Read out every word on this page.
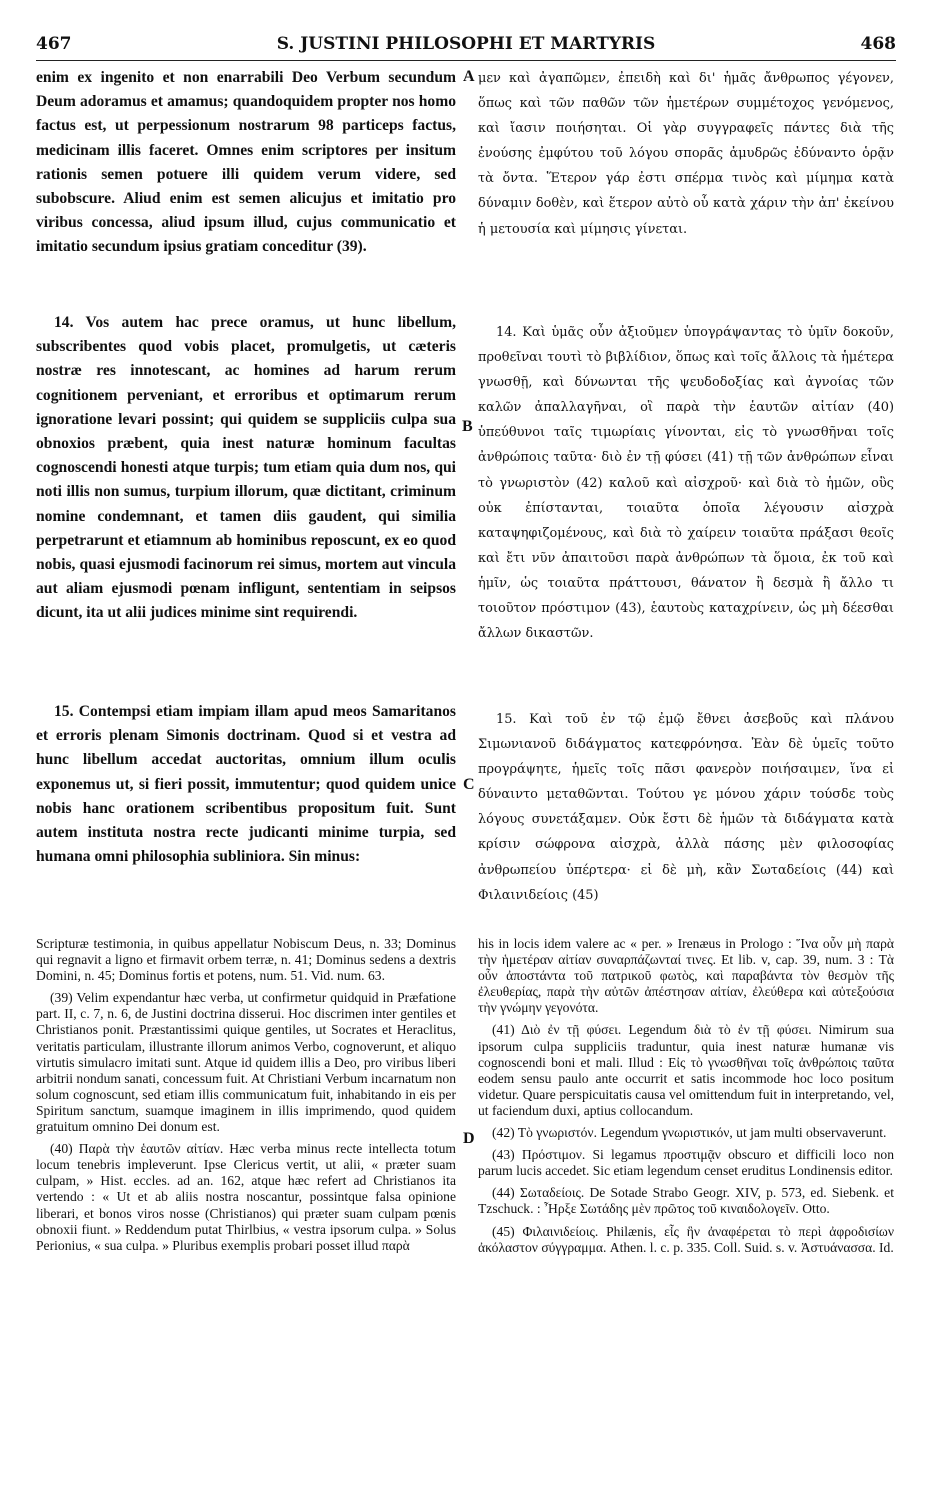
467	S. JUSTINI PHILOSOPHI ET MARTYRIS	468
A
B
C
D

enim ex ingenito et non enarrabili Deo Verbum secundum Deum adoramus et amamus; quandoquidem propter nos homo factus est, ut perpessionum nostrarum 98 particeps factus, medicinam illis faceret. Omnes enim scriptores per insitum rationis semen potuere illi quidem verum videre, sed subobscure. Aliud enim est semen alicujus et imitatio pro viribus concessa, aliud ipsum illud, cujus communicatio et imitatio secundum ipsius gratiam conceditur (39).

14. Vos autem hac prece oramus, ut hunc libellum, subscribentes quod vobis placet, promulgetis, ut cæteris nostræ res innotescant, ac homines ad harum rerum cognitionem perveniant, et erroribus et optimarum rerum ignoratione levari possint; qui quidem se suppliciis culpa sua obnoxios præbent, quia inest naturæ hominum facultas cognoscendi honesti atque turpis; tum etiam quia dum nos, qui noti illis non sumus, turpium illorum, quæ dictitant, criminum nomine condemnant, et tamen diis gaudent, qui similia perpetrarunt et etiamnum ab hominibus reposcunt, ex eo quod nobis, quasi ejusmodi facinorum rei simus, mortem aut vincula aut aliam ejusmodi pœnam infligunt, sententiam in seipsos dicunt, ita ut alii judices minime sint requirendi.

15. Contempsi etiam impiam illam apud meos Samaritanos et erroris plenam Simonis doctrinam. Quod si et vestra ad hunc libellum accedat auctoritas, omnium illum oculis exponemus ut, si fieri possit, immutentur; quod quidem unice nobis hanc orationem scribentibus propositum fuit. Sunt autem instituta nostra recte judicanti minime turpia, sed humana omni philosophia subliniora. Sin minus:

μεν καὶ ἀγαπῶμεν, ἐπειδὴ καὶ δι' ἡμᾶς ἄνθρωπος γέγονεν, ὅπως καὶ τῶν παθῶν τῶν ἡμετέρων συμμέτοχος γενόμενος, καὶ ἴασιν ποιήσηται. Οἱ γὰρ συγγραφεῖς πάντες διὰ τῆς ἐνούσης ἐμφύτου τοῦ λόγου σπορᾶς ἀμυδρῶς ἐδύναντο ὁρᾷν τὰ ὄντα. Ἕτερον γάρ ἐστι σπέρμα τινὸς καὶ μίμημα κατὰ δύναμιν δοθὲν, καὶ ἕτερον αὐτὸ οὗ κατὰ χάριν τὴν ἀπ' ἐκείνου ἡ μετουσία καὶ μίμησις γίνεται.

14. Καὶ ὑμᾶς οὖν ἀξιοῦμεν ὑπογράψαντας τὸ ὑμῖν δοκοῦν, προθεῖναι τουτὶ τὸ βιβλίδιον, ὅπως καὶ τοῖς ἄλλοις τὰ ἡμέτερα γνωσθῇ, καὶ δύνωνται τῆς ψευδοδοξίας καὶ ἀγνοίας τῶν καλῶν ἀπαλλαγῆναι, οἳ παρὰ τὴν ἑαυτῶν αἰτίαν (40) ὑπεύθυνοι ταῖς τιμωρίαις γίνονται, εἰς τὸ γνωσθῆναι τοῖς ἀνθρώποις ταῦτα· διὸ ἐν τῇ φύσει (41) τῇ τῶν ἀνθρώπων εἶναι τὸ γνωριστὸν (42) καλοῦ καὶ αἰσχροῦ· καὶ διὰ τὸ ἡμῶν, οὓς οὐκ ἐπίστανται, τοιαῦτα ὁποῖα λέγουσιν αἰσχρὰ καταψηφιζομένους, καὶ διὰ τὸ χαίρειν τοιαῦτα πράξασι θεοῖς καὶ ἔτι νῦν ἀπαιτοῦσι παρὰ ἀνθρώπων τὰ ὅμοια, ἐκ τοῦ καὶ ἡμῖν, ὡς τοιαῦτα πράττουσι, θάνατον ἢ δεσμὰ ἢ ἄλλο τι τοιοῦτον πρόστιμον (43), ἑαυτοὺς καταχρίνειν, ὡς μὴ δέεσθαι ἄλλων δικαστῶν.

15. Καὶ τοῦ ἐν τῷ ἐμῷ ἔθνει ἀσεβοῦς καὶ πλάνου Σιμωνιανοῦ διδάγματος κατεφρόνησα. Ἐὰν δὲ ὑμεῖς τοῦτο προγράψητε, ἡμεῖς τοῖς πᾶσι φανερὸν ποιήσαιμεν, ἵνα εἰ δύναιντο μεταθῶνται. Τούτου γε μόνου χάριν τούσδε τοὺς λόγους συνετάξαμεν. Οὐκ ἔστι δὲ ἡμῶν τὰ διδάγματα κατὰ κρίσιν σώφρονα αἰσχρὰ, ἀλλὰ πάσης μὲν φιλοσοφίας ἀνθρωπείου ὑπέρτερα· εἰ δὲ μὴ, κἂν Σωταδείοις (44) καὶ Φιλαινιδείοις (45)

Scripturæ testimonia, in quibus appellatur Nobiscum Deus, n. 33; Dominus qui regnavit a ligno et firmavit orbem terræ, n. 41; Dominus sedens a dextris Domini, n. 45; Dominus fortis et potens, num. 51. Vid. num. 63.

(39) Velim expendantur hæc verba, ut confirmetur quidquid in Præfatione part. II, c. 7, n. 6, de Justini doctrina disserui. Hoc discrimen inter gentiles et Christianos ponit. Præstantissimi quique gentiles, ut Socrates et Heraclitus, veritatis particulam, illustrante illorum animos Verbo, cognoverunt, et aliquo virtutis simulacro imitati sunt. Atque id quidem illis a Deo, pro viribus liberi arbitrii nondum sanati, concessum fuit. At Christiani Verbum incarnatum non solum cognoscunt, sed etiam illis communicatum fuit, inhabitando in eis per Spiritum sanctum, suamque imaginem in illis imprimendo, quod quidem gratuitum omnino Dei donum est.

(40) Παρὰ τὴν ἑαυτῶν αἰτίαν. Hæc verba minus recte intellecta totum locum tenebris impleverunt. Ipse Clericus vertit, ut alii, « præter suam culpam, » Hist. eccles. ad an. 162, atque hæc refert ad Christianos ita vertendo : « Ut et ab aliis nostra noscantur, possintque falsa opinione liberari, et bonos viros nosse (Christianos) qui præter suam culpam pœnis obnoxii fiunt. » Reddendum putat Thirlbius, « vestra ipsorum culpa. » Solus Perionius, « sua culpa. » Pluribus exemplis probari posset illud παρὰ

his in locis idem valere ac « per. » Irenæus in Prologo : Ἵνα οὖν μὴ παρὰ τὴν ἡμετέραν αἰτίαν συναρπάζωνταί τινες. Et lib. v, cap. 39, num. 3 : Τὰ οὖν ἀποστάντα τοῦ πατρικοῦ φωτὸς, καὶ παραβάντα τὸν θεσμὸν τῆς ἐλευθερίας, παρὰ τὴν αὐτῶν ἀπέστησαν αἰτίαν, ἐλεύθερα καὶ αὐτεξούσια τὴν γνώμην γεγονότα.

(41) Διὸ ἐν τῇ φύσει. Legendum διὰ τὸ ἐν τῇ φύσει. Nimirum sua ipsorum culpa suppliciis traduntur, quia inest naturæ humanæ vis cognoscendi boni et mali. Illud : Εἰς τὸ γνωσθῆναι τοῖς ἀνθρώποις ταῦτα eodem sensu paulo ante occurrit et satis incommode hoc loco positum videtur. Quare perspicuitatis causa vel omittendum fuit in interpretando, vel, ut faciendum duxi, aptius collocandum.

(42) Τὸ γνωριστόν. Legendum γνωριστικόν, ut jam multi observaverunt.

(43) Πρόστιμον. Si legamus προστιμᾷν obscuro et difficili loco non parum lucis accedet. Sic etiam legendum censet eruditus Londinensis editor.

(44) Σωταδείοις. De Sotade Strabo Geogr. XIV, p. 573, ed. Siebenk. et Tzschuck. : Ἦρξε Σωτάδης μὲν πρῶτος τοῦ κιναιδολογεῖν. Otto.

(45) Φιλαινιδείοις. Philænis, εἷς ἣν ἀναφέρεται τὸ περὶ ἀφροδισίων ἀκόλαστον σύγγραμμα. Athen. l. c. p. 335. Coll. Suid. s. v. Ἀστυάνασσα. Id.
